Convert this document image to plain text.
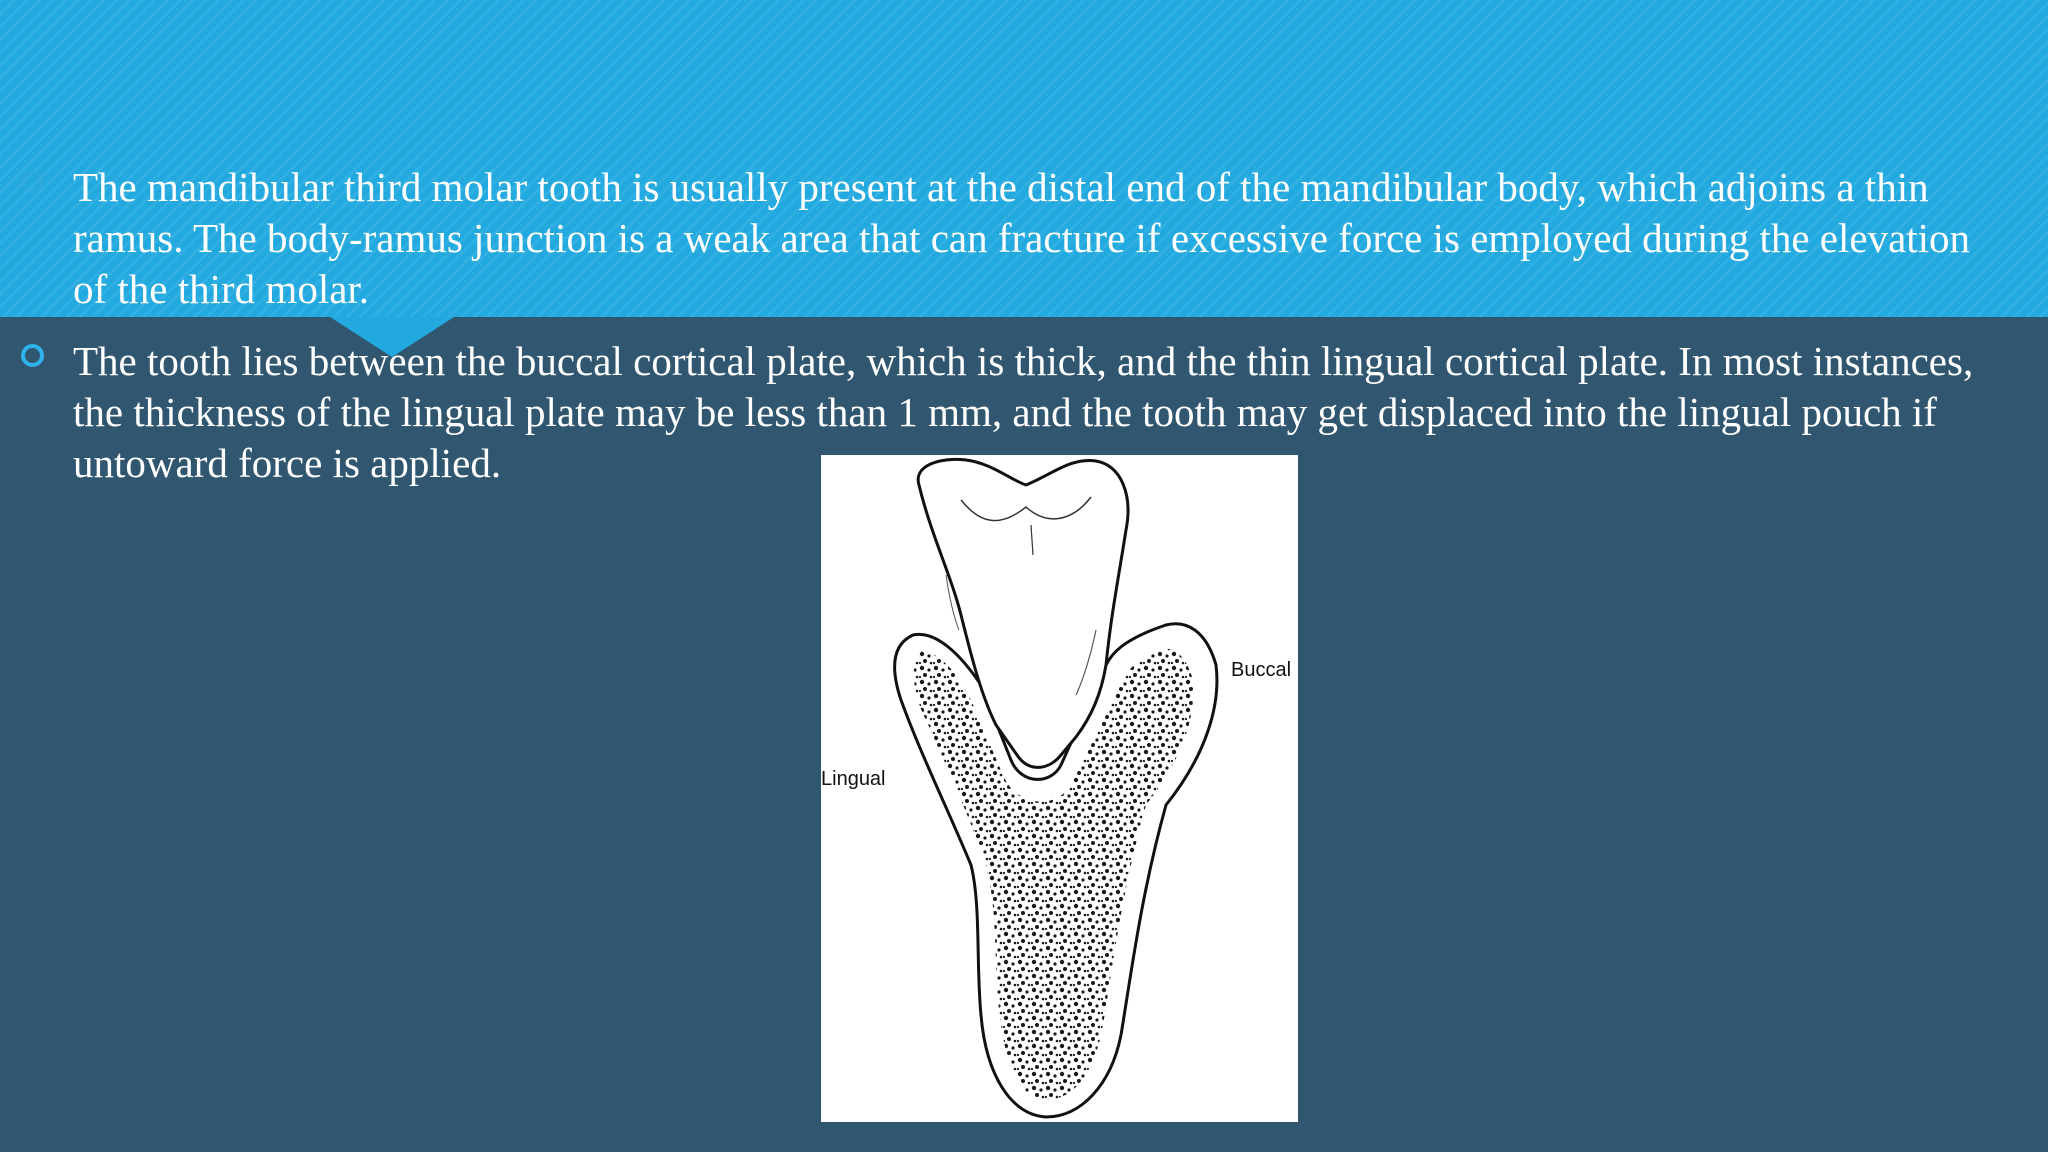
The mandibular third molar tooth is usually present at the distal end of the mandibular body, which adjoins a thin ramus. The body-ramus junction is a weak area that can fracture if excessive force is employed during the elevation of the third molar.

The tooth lies between the buccal cortical plate, which is thick, and the thin lingual cortical plate. In most instances, the thickness of the lingual plate may be less than 1 mm, and the tooth may get displaced into the lingual pouch if untoward force is applied.

Lingual
Buccal
